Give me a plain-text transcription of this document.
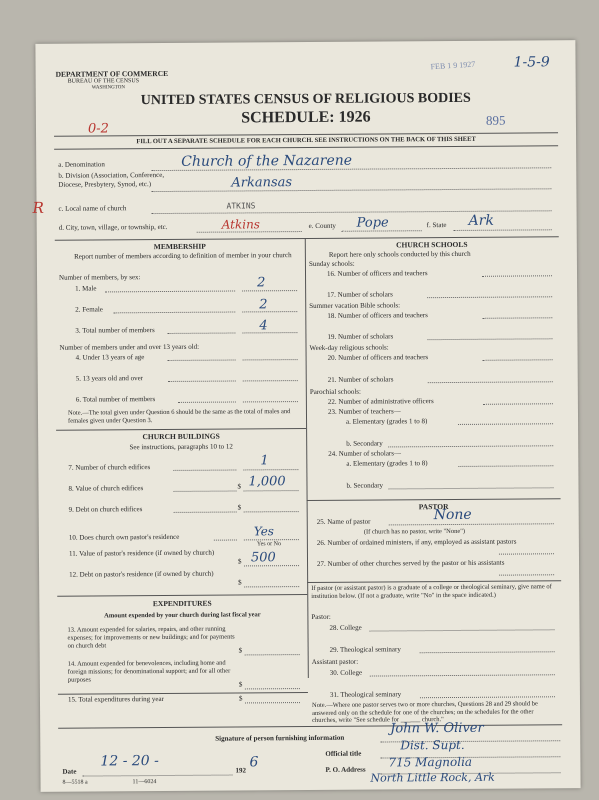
DEPARTMENT OF COMMERCE
BUREAU OF THE CENSUS
WASHINGTON
FEB 1 9 1927	1-5-9
UNITED STATES CENSUS OF RELIGIOUS BODIES
SCHEDULE: 1926
0-2
895
FILL OUT A SEPARATE SCHEDULE FOR EACH CHURCH. SEE INSTRUCTIONS ON THE BACK OF THIS SHEET
a. Denomination	Church of the Nazarene
b. Division (Association, Conference, Diocese, Presbytery, Synod, etc.)	Arkansas
c. Local name of church	ATKINS
R
d. City, town, village, or township, etc.	Atkins	e. County Pope	f. State Ark
MEMBERSHIP
Report number of members according to definition of member in your church
Number of members, by sex:
1. Male	2
2. Female	2
3. Total number of members	4
Number of members under and over 13 years old:
4. Under 13 years of age
5. 13 years old and over
6. Total number of members
Note.—The total given under Question 6 should be the same as the total of males and females given under Question 3.
CHURCH BUILDINGS
See instructions, paragraphs 10 to 12
7. Number of church edifices	1
8. Value of church edifices	$ 1,000
9. Debt on church edifices	$
10. Does church own pastor's residence	Yes
Yes or No
11. Value of pastor's residence (if owned by church)
$ 500
12. Debt on pastor's residence (if owned by church)
$
EXPENDITURES
Amount expended by your church during last fiscal year
13. Amount expended for salaries, repairs, and other running expenses; for improvements or new buildings; and for payments on church debt
$
14. Amount expended for benevolences, including home and foreign missions; for denominational support; and for all other purposes
$
15. Total expenditures during year	$
CHURCH SCHOOLS
Report here only schools conducted by this church
Sunday schools:
16. Number of officers and teachers
17. Number of scholars
Summer vacation Bible schools:
18. Number of officers and teachers
19. Number of scholars
Week-day religious schools:
20. Number of officers and teachers
21. Number of scholars
Parochial schools:
22. Number of administrative officers
23. Number of teachers—
a. Elementary (grades 1 to 8)
b. Secondary
24. Number of scholars—
a. Elementary (grades 1 to 8)
b. Secondary
PASTOR
25. Name of pastor	None
(If church has no pastor, write "None")
26. Number of ordained ministers, if any, employed as assistant pastors
27. Number of other churches served by the pastor or his assistants
If pastor (or assistant pastor) is a graduate of a college or theological seminary, give name of institution below. (If not a graduate, write "No" in the space indicated.)
Pastor:
28. College
29. Theological seminary
Assistant pastor:
30. College
31. Theological seminary
Note.—Where one pastor serves two or more churches, Questions 28 and 29 should be answered only on the schedule for one of the churches; on the schedules for the other churches, write "See schedule for ______ church."
Signature of person furnishing information
John W. Oliver
Official title
Dist. Supt.
Date
12 - 20 -
192
6	P. O. Address
715 Magnolia
North Little Rock, Ark
8—5518 a	11—6024
